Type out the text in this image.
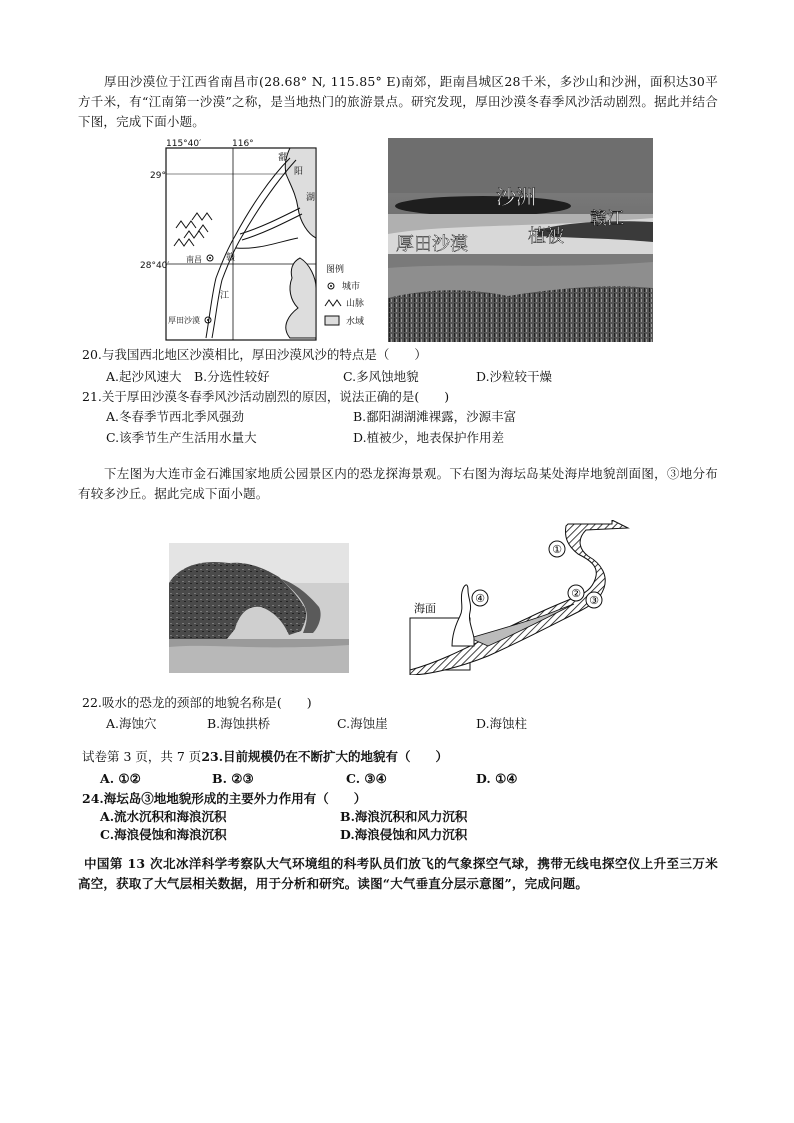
厚田沙漠位于江西省南昌市(28.68° N, 115.85° E)南郊，距南昌城区28千米，多沙山和沙洲，面积达30平方千米，有“江南第一沙漠”之称，是当地热门的旅游景点。研究发现，厚田沙漠冬春季风沙活动剧烈。据此并结合下图，完成下面小题。
115°40′	116°
29°
28°40′
鄱
阳
湖
赣
江
南昌
厚田沙漠
图例
城市
山脉
水域
沙洲
赣江
植被
厚田沙漠
20.与我国西北地区沙漠相比，厚田沙漠风沙的特点是（　　）
A.起沙风速大 B.分选性较好	C.多风蚀地貌	D.沙粒较干燥
21.关于厚田沙漠冬春季风沙活动剧烈的原因，说法正确的是(　　)
A.冬春季节西北季风强劲	B.鄱阳湖湖滩裸露，沙源丰富
C.该季节生产生活用水量大	D.植被少，地表保护作用差
下左图为大连市金石滩国家地质公园景区内的恐龙探海景观。下右图为海坛岛某处海岸地貌剖面图，③地分布有较多沙丘。据此完成下面小题。
①
②
③
④
海面
22.吸水的恐龙的颈部的地貌名称是(　　)
A.海蚀穴	B.海蚀拱桥	C.海蚀崖	D.海蚀柱
试卷第 3 页，共 7 页23.目前规模仍在不断扩大的地貌有（　　）
A. ①②	B. ②③	C. ③④	D. ①④
24.海坛岛③地地貌形成的主要外力作用有（　　）
A.流水沉积和海浪沉积	B.海浪沉积和风力沉积
C.海浪侵蚀和海浪沉积	D.海浪侵蚀和风力沉积
中国第 13 次北冰洋科学考察队大气环境组的科考队员们放飞的气象探空气球，携带无线电探空仪上升至三万米高空，获取了大气层相关数据，用于分析和研究。读图“大气垂直分层示意图”，完成问题。
